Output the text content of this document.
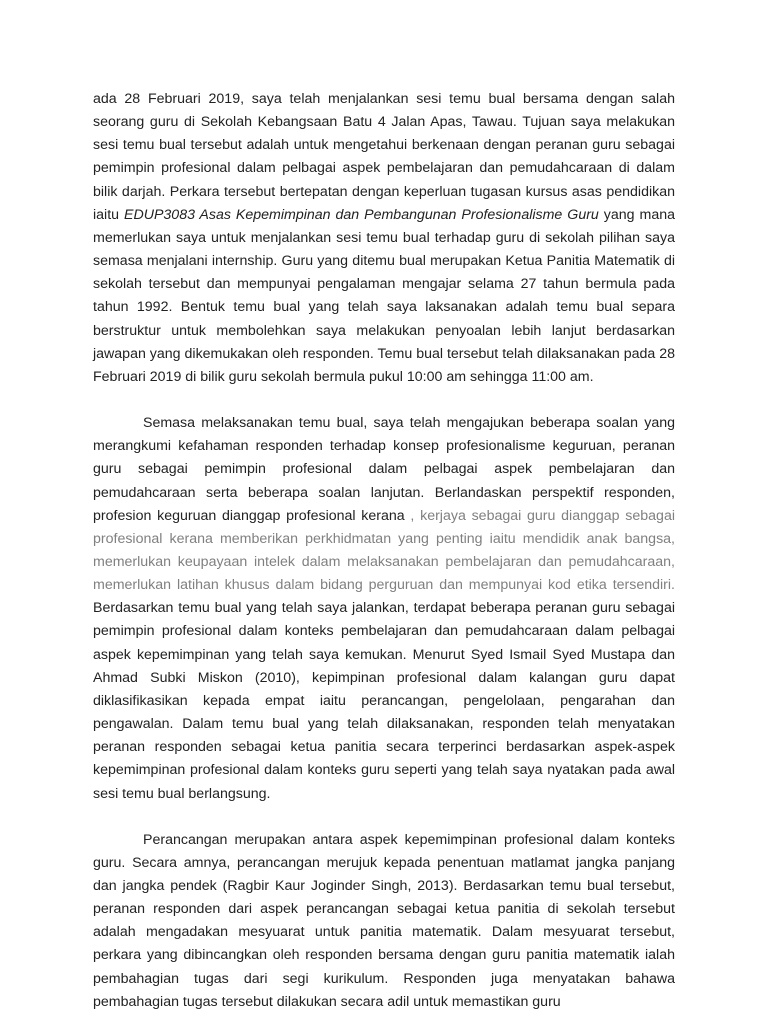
ada 28 Februari 2019, saya telah menjalankan sesi temu bual bersama dengan salah seorang guru di Sekolah Kebangsaan Batu 4 Jalan Apas, Tawau. Tujuan saya melakukan sesi temu bual tersebut adalah untuk mengetahui berkenaan dengan peranan guru sebagai pemimpin profesional dalam pelbagai aspek pembelajaran dan pemudahcaraan di dalam bilik darjah. Perkara tersebut bertepatan dengan keperluan tugasan kursus asas pendidikan iaitu EDUP3083 Asas Kepemimpinan dan Pembangunan Profesionalisme Guru yang mana memerlukan saya untuk menjalankan sesi temu bual terhadap guru di sekolah pilihan saya semasa menjalani internship. Guru yang ditemu bual merupakan Ketua Panitia Matematik di sekolah tersebut dan mempunyai pengalaman mengajar selama 27 tahun bermula pada tahun 1992. Bentuk temu bual yang telah saya laksanakan adalah temu bual separa berstruktur untuk membolehkan saya melakukan penyoalan lebih lanjut berdasarkan jawapan yang dikemukakan oleh responden. Temu bual tersebut telah dilaksanakan pada 28 Februari 2019 di bilik guru sekolah bermula pukul 10:00 am sehingga 11:00 am.

Semasa melaksanakan temu bual, saya telah mengajukan beberapa soalan yang merangkumi kefahaman responden terhadap konsep profesionalisme keguruan, peranan guru sebagai pemimpin profesional dalam pelbagai aspek pembelajaran dan pemudahcaraan serta beberapa soalan lanjutan. Berlandaskan perspektif responden, profesion keguruan dianggap profesional kerana , kerjaya sebagai guru dianggap sebagai profesional kerana memberikan perkhidmatan yang penting iaitu mendidik anak bangsa, memerlukan keupayaan intelek dalam melaksanakan pembelajaran dan pemudahcaraan, memerlukan latihan khusus dalam bidang perguruan dan mempunyai kod etika tersendiri. Berdasarkan temu bual yang telah saya jalankan, terdapat beberapa peranan guru sebagai pemimpin profesional dalam konteks pembelajaran dan pemudahcaraan dalam pelbagai aspek kepemimpinan yang telah saya kemukan. Menurut Syed Ismail Syed Mustapa dan Ahmad Subki Miskon (2010), kepimpinan profesional dalam kalangan guru dapat diklasifikasikan kepada empat iaitu perancangan, pengelolaan, pengarahan dan pengawalan. Dalam temu bual yang telah dilaksanakan, responden telah menyatakan peranan responden sebagai ketua panitia secara terperinci berdasarkan aspek-aspek kepemimpinan profesional dalam konteks guru seperti yang telah saya nyatakan pada awal sesi temu bual berlangsung.

Perancangan merupakan antara aspek kepemimpinan profesional dalam konteks guru. Secara amnya, perancangan merujuk kepada penentuan matlamat jangka panjang dan jangka pendek (Ragbir Kaur Joginder Singh, 2013). Berdasarkan temu bual tersebut, peranan responden dari aspek perancangan sebagai ketua panitia di sekolah tersebut adalah mengadakan mesyuarat untuk panitia matematik. Dalam mesyuarat tersebut, perkara yang dibincangkan oleh responden bersama dengan guru panitia matematik ialah pembahagian tugas dari segi kurikulum. Responden juga menyatakan bahawa pembahagian tugas tersebut dilakukan secara adil untuk memastikan guru
